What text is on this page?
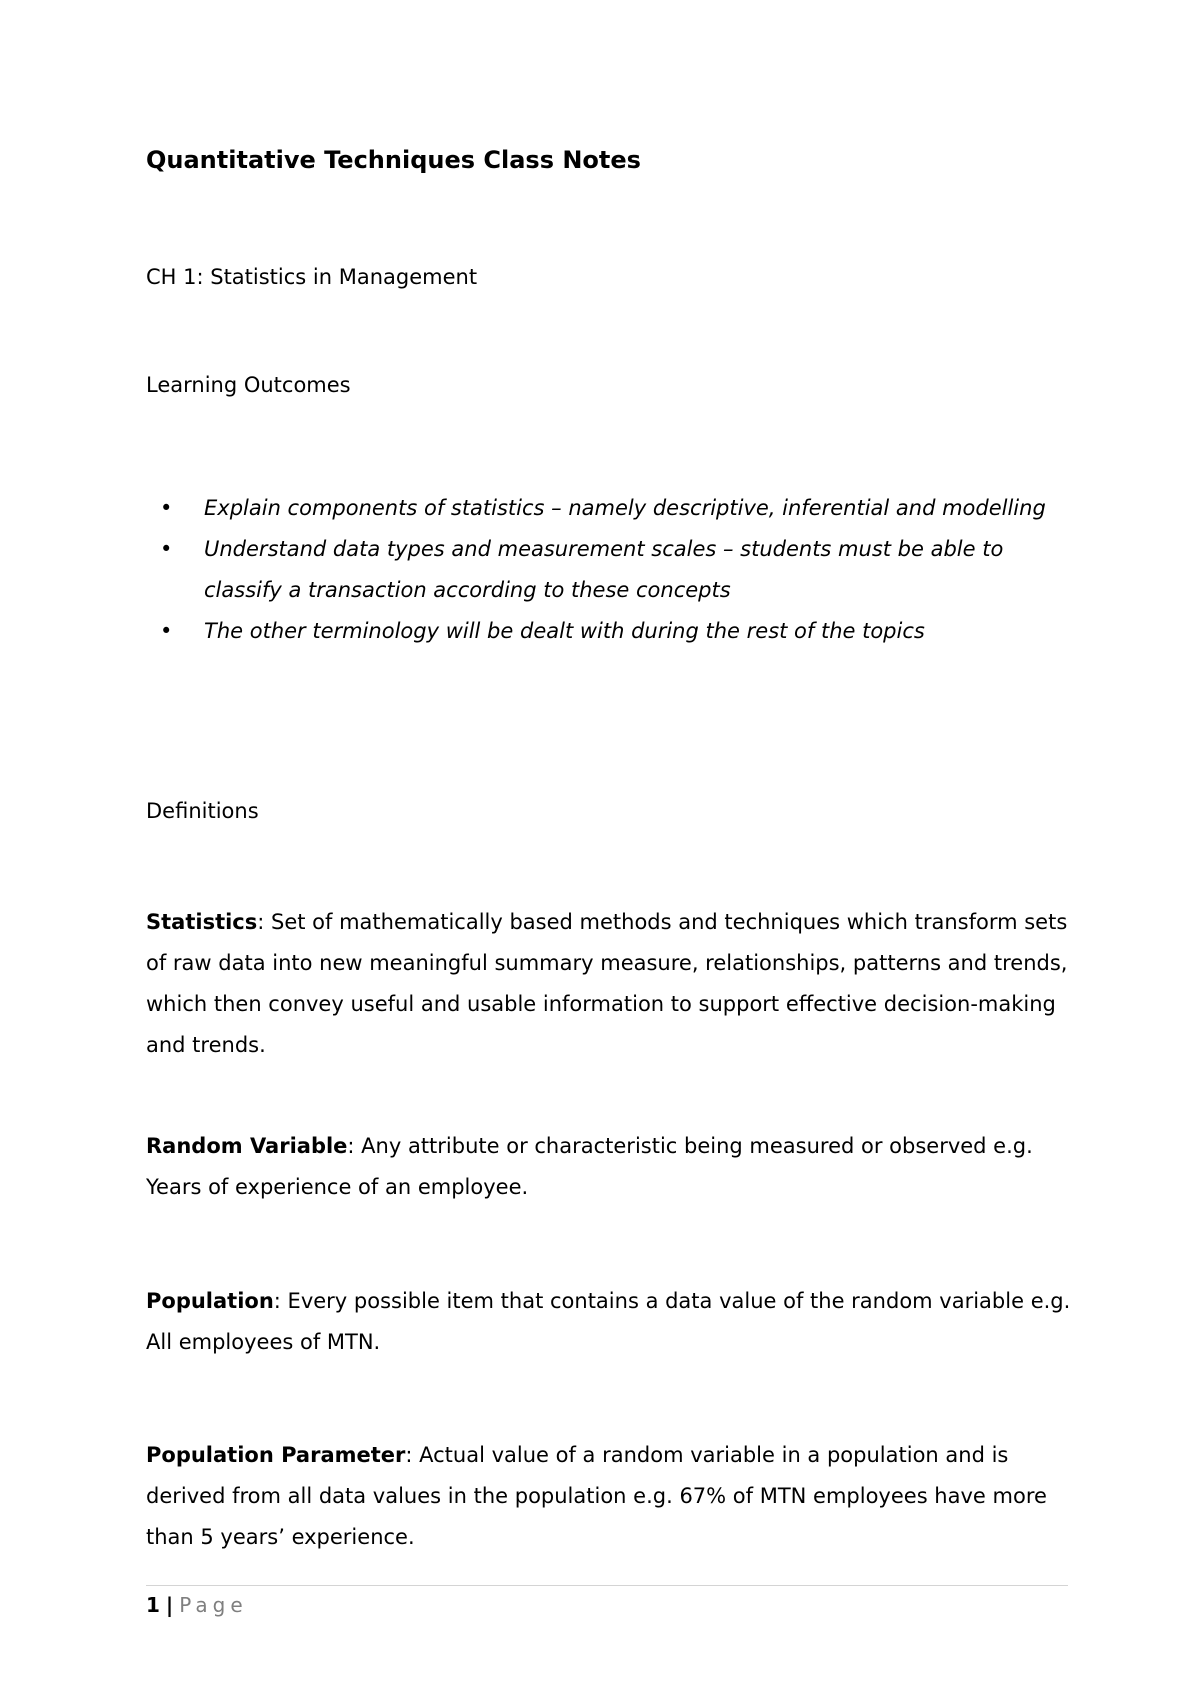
Quantitative Techniques Class Notes

CH 1: Statistics in Management

Learning Outcomes

• Explain components of statistics – namely descriptive, inferential and modelling
• Understand data types and measurement scales – students must be able to classify a transaction according to these concepts
• The other terminology will be dealt with during the rest of the topics

Definitions

Statistics: Set of mathematically based methods and techniques which transform sets of raw data into new meaningful summary measure, relationships, patterns and trends, which then convey useful and usable information to support effective decision-making and trends.

Random Variable: Any attribute or characteristic being measured or observed e.g. Years of experience of an employee.

Population: Every possible item that contains a data value of the random variable e.g. All employees of MTN.

Population Parameter: Actual value of a random variable in a population and is derived from all data values in the population e.g. 67% of MTN employees have more than 5 years’ experience.

1 | Page
